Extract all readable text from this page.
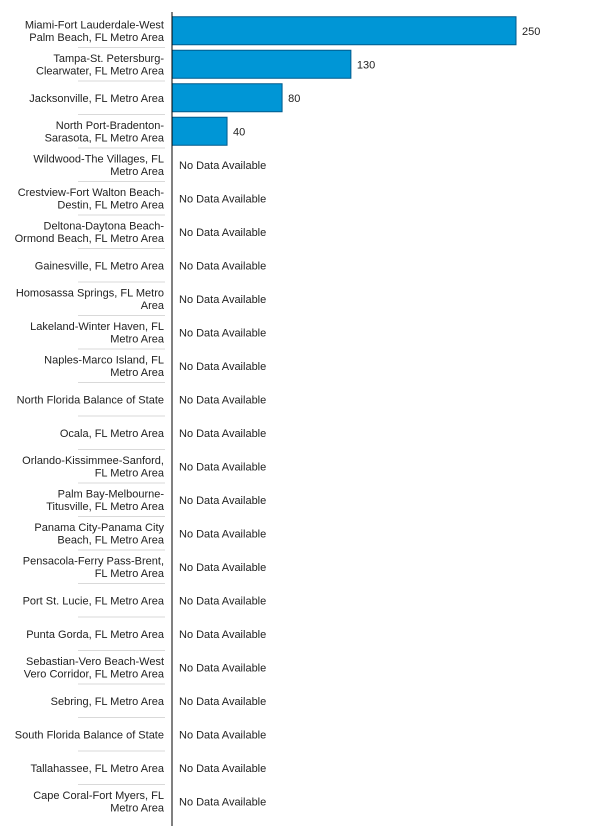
Miami-Fort Lauderdale-West Palm Beach, FL Metro Area
250
Tampa-St. Petersburg-Clearwater, FL Metro Area
130
Jacksonville, FL Metro Area	80
North Port-Bradenton-Sarasota, FL Metro Area
40
Wildwood-The Villages, FL Metro Area
No Data Available
Crestview-Fort Walton Beach-Destin, FL Metro Area
No Data Available
Deltona-Daytona Beach-Ormond Beach, FL Metro Area
No Data Available
Gainesville, FL Metro Area No Data Available
Homosassa Springs, FL Metro Area
No Data Available
Lakeland-Winter Haven, FL Metro Area
No Data Available
Naples-Marco Island, FL Metro Area
No Data Available
North Florida Balance of State No Data Available
Ocala, FL Metro Area No Data Available
Orlando-Kissimmee-Sanford, FL Metro Area
No Data Available
Palm Bay-Melbourne-Titusville, FL Metro Area
No Data Available
Panama City-Panama City Beach, FL Metro Area
No Data Available
Pensacola-Ferry Pass-Brent, FL Metro Area
No Data Available
Port St. Lucie, FL Metro Area No Data Available
Punta Gorda, FL Metro Area No Data Available
Sebastian-Vero Beach-West Vero Corridor, FL Metro Area
No Data Available
Sebring, FL Metro Area No Data Available
South Florida Balance of State No Data Available
Tallahassee, FL Metro Area No Data Available
Cape Coral-Fort Myers, FL Metro Area
No Data Available
